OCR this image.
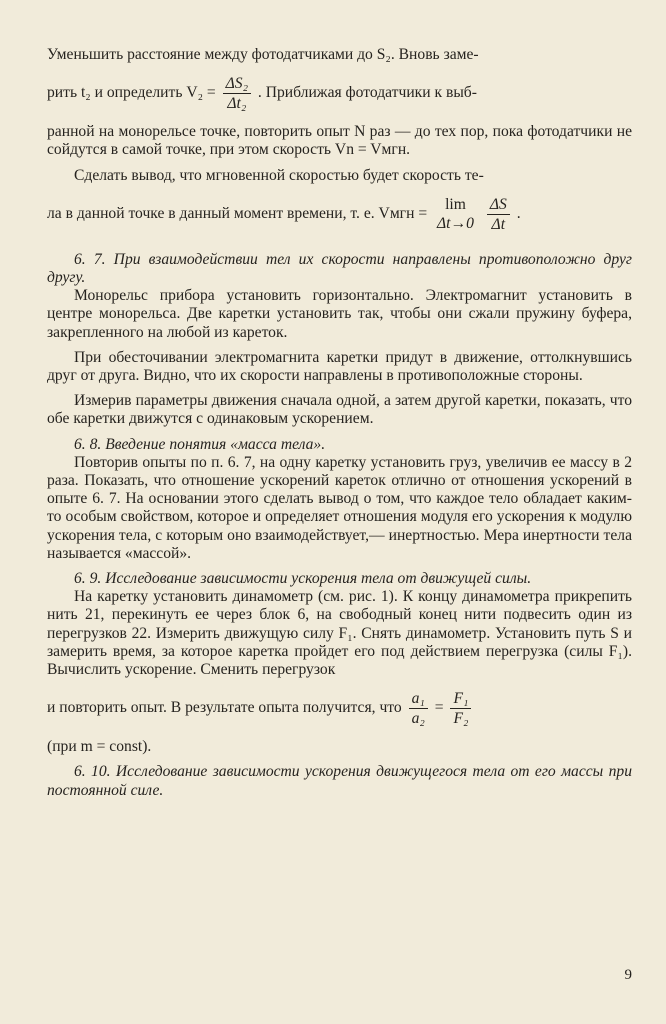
Уменьшить расстояние между фотодатчиками до S₂. Вновь заме-

рить t₂ и определить $V_2 = \frac{\text{ΔS₂}}{\text{Δt₂}}$ . Приближая фотодатчики к выб-

ранной на монорельсе точке, повторить опыт N раз — до тех пор, пока фотодатчики не сойдутся в самой точке, при этом скорость Vn = Vмгн.

Сделать вывод, что мгновенной скоростью будет скорость те-

ла в данной точке в данный момент времени, т. е. Vмгн =
lim
Δt→0
$\frac{\Delta S}{\Delta t}$ .

6. 7. При взаимодействии тел их скорости направлены противоположно друг другу.

Монорельс прибора установить горизонтально. Электромагнит установить в центре монорельса. Две каретки установить так, чтобы они сжали пружину буфера, закрепленного на любой из кареток.

При обесточивании электромагнита каретки придут в движение, оттолкнувшись друг от друга. Видно, что их скорости направлены в противоположные стороны.

Измерив параметры движения сначала одной, а затем другой каретки, показать, что обе каретки движутся с одинаковым ускорением.

6. 8. Введение понятия «масса тела».

Повторив опыты по п. 6. 7, на одну каретку установить груз, увеличив ее массу в 2 раза. Показать, что отношение ускорений кареток отлично от отношения ускорений в опыте 6. 7. На основании этого сделать вывод о том, что каждое тело обладает каким-то особым свойством, которое и определяет отношения модуля его ускорения к модулю ускорения тела, с которым оно взаимодействует,— инертностью. Мера инертности тела называется «массой».

6. 9. Исследование зависимости ускорения тела от движущей силы.

На каретку установить динамометр (см. рис. 1). К концу динамометра прикрепить нить 21, перекинуть ее через блок 6, на свободный конец нити подвесить один из перегрузков 22. Измерить движущую силу F₁. Снять динамометр. Установить путь S и замерить время, за которое каретка пройдет его под действием перегрузка (силы F₁). Вычислить ускорение. Сменить перегрузок

и повторить опыт. В результате опыта получится, что $\frac{\text{a₁}}{\text{a₂}} = \frac{\text{F₁}}{\text{F₂}}$

(при m = const).

6. 10. Исследование зависимости ускорения движущегося тела от его массы при постоянной силе.

9
